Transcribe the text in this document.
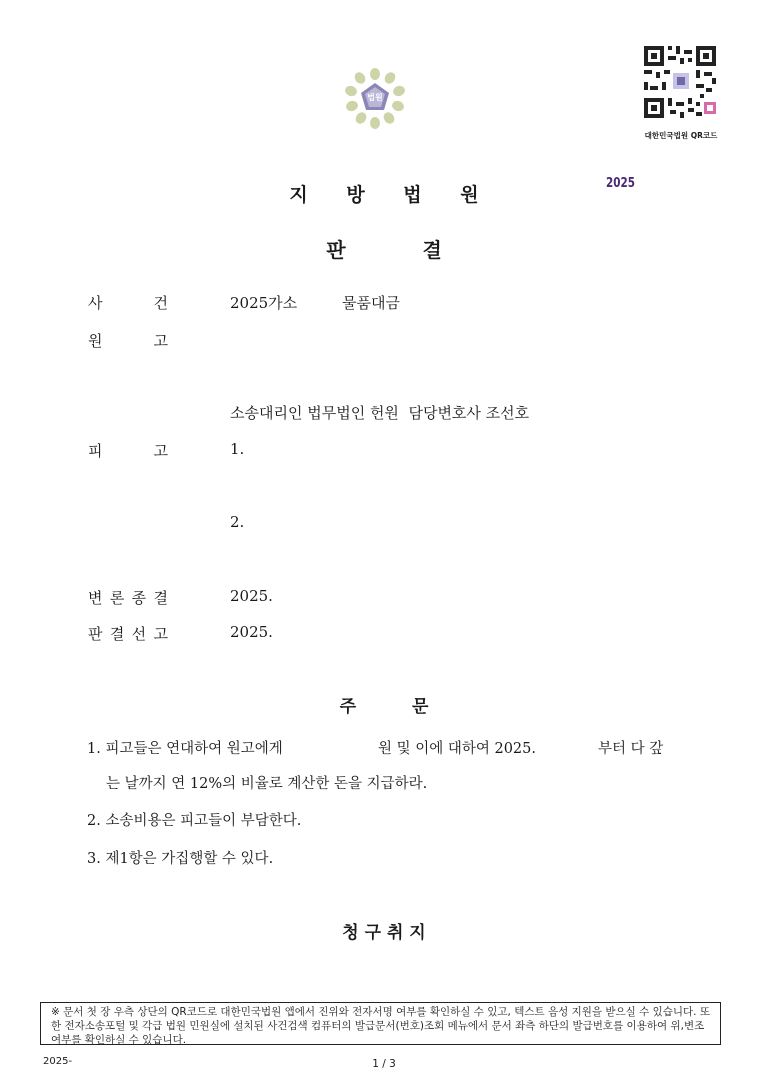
법원
대한민국법원 QR코드
지 방 법 원
2025
판 결
사	건	2025가소	물품대금
원	고
소송대리인 법무법인 헌원  담당변호사 조선호
피	고	1.
2.
변 론 종 결	2025.
판 결 선 고	2025.
주 문
1. 피고들은 연대하여 원고에게	원 및 이에 대하여 2025.	부터 다 갚
는 날까지 연 12%의 비율로 계산한 돈을 지급하라.
2. 소송비용은 피고들이 부담한다.
3. 제1항은 가집행할 수 있다.
청 구 취 지
※ 문서 첫 장 우측 상단의 QR코드로 대한민국법원 앱에서 진위와 전자서명 여부를 확인하실 수 있고, 텍스트 음성 지원을 받으실 수 있습니다. 또한 전자소송포털 및 각급 법원 민원실에 설치된 사건검색 컴퓨터의 발급문서(번호)조회 메뉴에서 문서 좌측 하단의 발급번호를 이용하여 위,변조 여부를 확인하실 수 있습니다.
2025-	1 / 3
